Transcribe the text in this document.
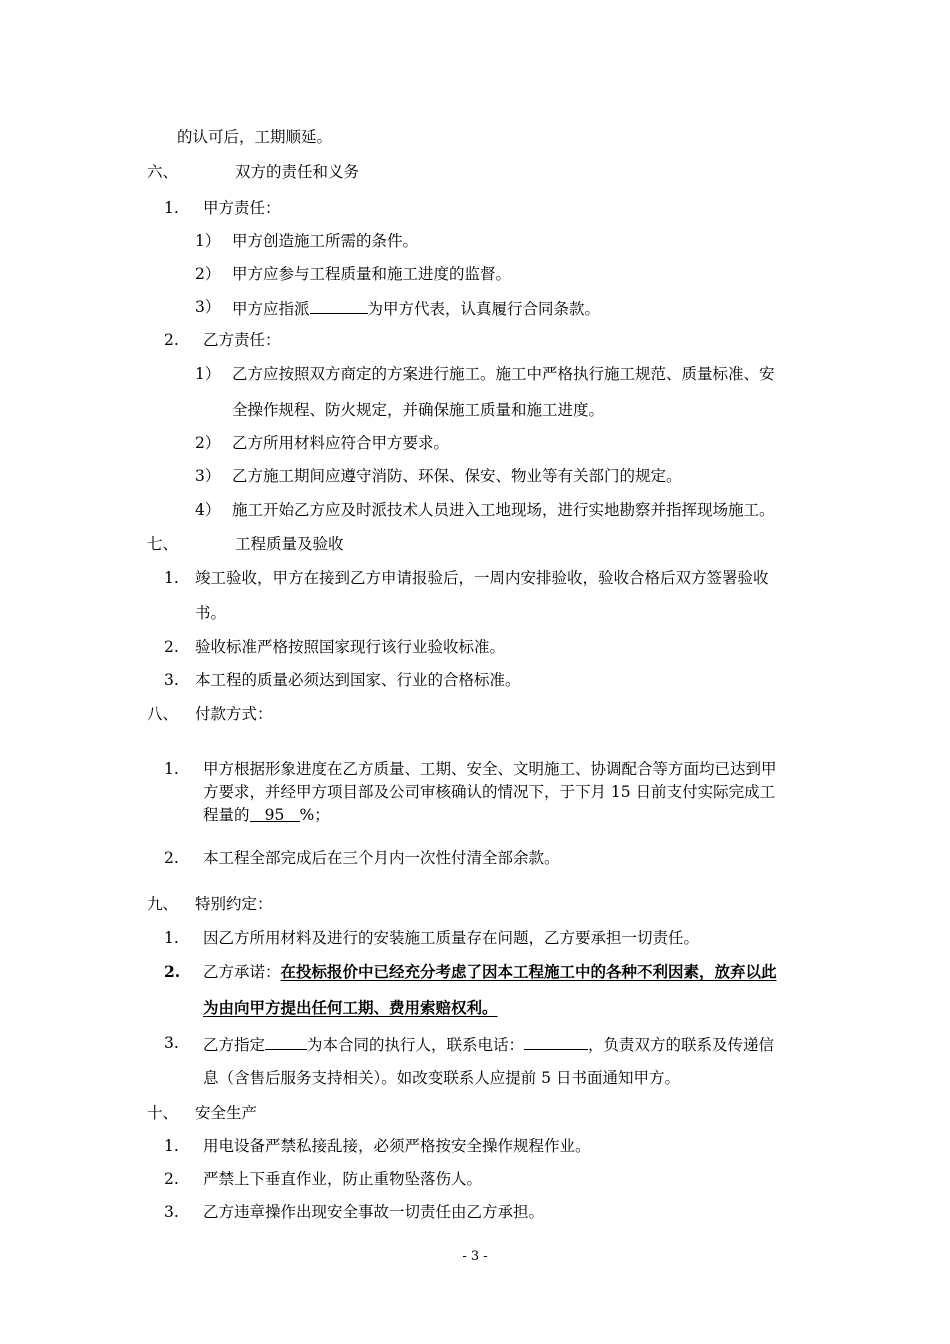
的认可后，工期顺延。
六、	双方的责任和义务
1. 甲方责任：
1） 甲方创造施工所需的条件。
2） 甲方应参与工程质量和施工进度的监督。
3） 甲方应指派	为甲方代表，认真履行合同条款。
2. 乙方责任：
1） 乙方应按照双方商定的方案进行施工。施工中严格执行施工规范、质量标准、安
全操作规程、防火规定，并确保施工质量和施工进度。
2） 乙方所用材料应符合甲方要求。
3） 乙方施工期间应遵守消防、环保、保安、物业等有关部门的规定。
4） 施工开始乙方应及时派技术人员进入工地现场，进行实地勘察并指挥现场施工。
七、	工程质量及验收
1. 竣工验收，甲方在接到乙方申请报验后，一周内安排验收，验收合格后双方签署验收
书。
2. 验收标准严格按照国家现行该行业验收标准。
3. 本工程的质量必须达到国家、行业的合格标准。
八、 付款方式：
1. 甲方根据形象进度在乙方质量、工期、安全、文明施工、协调配合等方面均已达到甲
方要求，并经甲方项目部及公司审核确认的情况下，于下月 15 日前支付实际完成工
程量的 95 %；
2. 本工程全部完成后在三个月内一次性付清全部余款。
九、 特别约定：
1. 因乙方所用材料及进行的安装施工质量存在问题，乙方要承担一切责任。
2. 乙方承诺：在投标报价中已经充分考虑了因本工程施工中的各种不利因素，放弃以此
为由向甲方提出任何工期、费用索赔权利。
3. 乙方指定	为本合同的执行人，联系电话：	，负责双方的联系及传递信
息（含售后服务支持相关）。如改变联系人应提前 5 日书面通知甲方。
十、 安全生产
1. 用电设备严禁私接乱接，必须严格按安全操作规程作业。
2. 严禁上下垂直作业，防止重物坠落伤人。
3. 乙方违章操作出现安全事故一切责任由乙方承担。
- 3 -
